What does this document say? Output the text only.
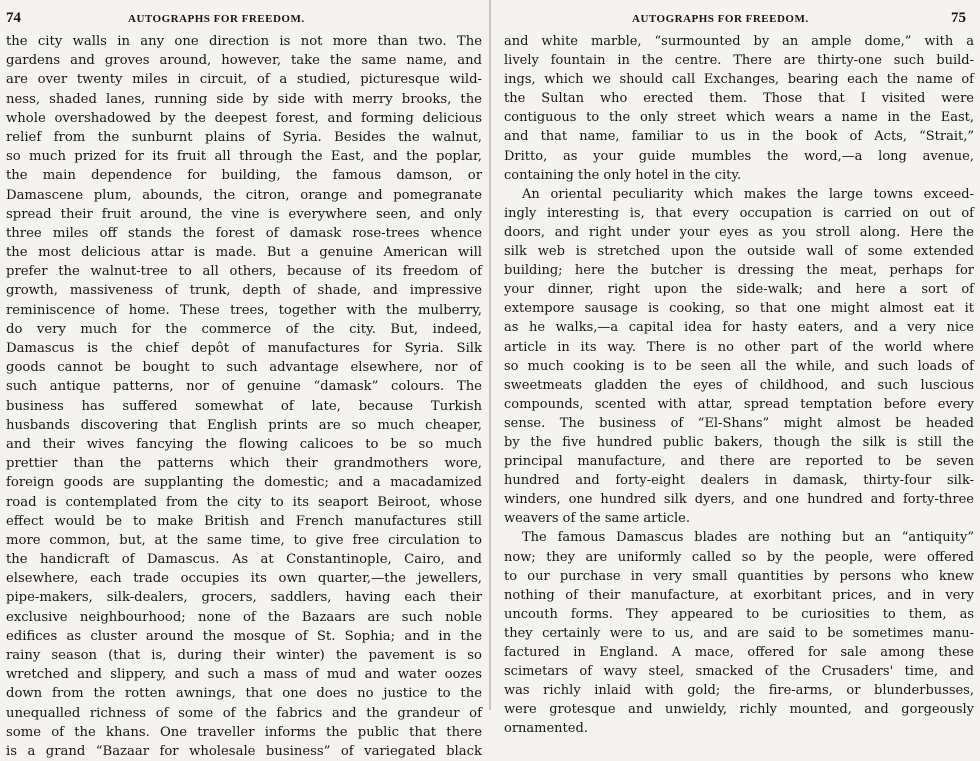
74	AUTOGRAPHS FOR FREEDOM.
the city walls in any one direction is not more than two. The
gardens and groves around, however, take the same name, and
are over twenty miles in circuit, of a studied, picturesque wild-
ness, shaded lanes, running side by side with merry brooks, the
whole overshadowed by the deepest forest, and forming delicious
relief from the sunburnt plains of Syria. Besides the walnut,
so much prized for its fruit all through the East, and the poplar,
the main dependence for building, the famous damson, or
Damascene plum, abounds, the citron, orange and pomegranate
spread their fruit around, the vine is everywhere seen, and only
three miles off stands the forest of damask rose-trees whence
the most delicious attar is made. But a genuine American will
prefer the walnut-tree to all others, because of its freedom of
growth, massiveness of trunk, depth of shade, and impressive
reminiscence of home. These trees, together with the mulberry,
do very much for the commerce of the city. But, indeed,
Damascus is the chief depôt of manufactures for Syria. Silk
goods cannot be bought to such advantage elsewhere, nor of
such antique patterns, nor of genuine “damask” colours. The
business has suffered somewhat of late, because Turkish
husbands discovering that English prints are so much cheaper,
and their wives fancying the flowing calicoes to be so much
prettier than the patterns which their grandmothers wore,
foreign goods are supplanting the domestic; and a macadamized
road is contemplated from the city to its seaport Beiroot, whose
effect would be to make British and French manufactures still
more common, but, at the same time, to give free circulation to
the handicraft of Damascus. As at Constantinople, Cairo, and
elsewhere, each trade occupies its own quarter,—the jewellers,
pipe-makers, silk-dealers, grocers, saddlers, having each their
exclusive neighbourhood; none of the Bazaars are such noble
edifices as cluster around the mosque of St. Sophia; and in the
rainy season (that is, during their winter) the pavement is so
wretched and slippery, and such a mass of mud and water oozes
down from the rotten awnings, that one does no justice to the
unequalled richness of some of the fabrics and the grandeur of
some of the khans. One traveller informs the public that there
is a grand “Bazaar for wholesale business” of variegated black
AUTOGRAPHS FOR FREEDOM.	75
and white marble, “surmounted by an ample dome,” with a
lively fountain in the centre. There are thirty-one such build-
ings, which we should call Exchanges, bearing each the name of
the Sultan who erected them. Those that I visited were
contiguous to the only street which wears a name in the East,
and that name, familiar to us in the book of Acts, “Strait,”
Dritto, as your guide mumbles the word,—a long avenue,
containing the only hotel in the city.
An oriental peculiarity which makes the large towns exceed-
ingly interesting is, that every occupation is carried on out of
doors, and right under your eyes as you stroll along. Here the
silk web is stretched upon the outside wall of some extended
building; here the butcher is dressing the meat, perhaps for
your dinner, right upon the side-walk; and here a sort of
extempore sausage is cooking, so that one might almost eat it
as he walks,—a capital idea for hasty eaters, and a very nice
article in its way. There is no other part of the world where
so much cooking is to be seen all the while, and such loads of
sweetmeats gladden the eyes of childhood, and such luscious
compounds, scented with attar, spread temptation before every
sense. The business of “El-Shans” might almost be headed
by the five hundred public bakers, though the silk is still the
principal manufacture, and there are reported to be seven
hundred and forty-eight dealers in damask, thirty-four silk-
winders, one hundred silk dyers, and one hundred and forty-three
weavers of the same article.
The famous Damascus blades are nothing but an “antiquity”
now; they are uniformly called so by the people, were offered
to our purchase in very small quantities by persons who knew
nothing of their manufacture, at exorbitant prices, and in very
uncouth forms. They appeared to be curiosities to them, as
they certainly were to us, and are said to be sometimes manu-
factured in England. A mace, offered for sale among these
scimetars of wavy steel, smacked of the Crusaders' time, and
was richly inlaid with gold; the fire-arms, or blunderbusses,
were grotesque and unwieldy, richly mounted, and gorgeously
ornamented.
